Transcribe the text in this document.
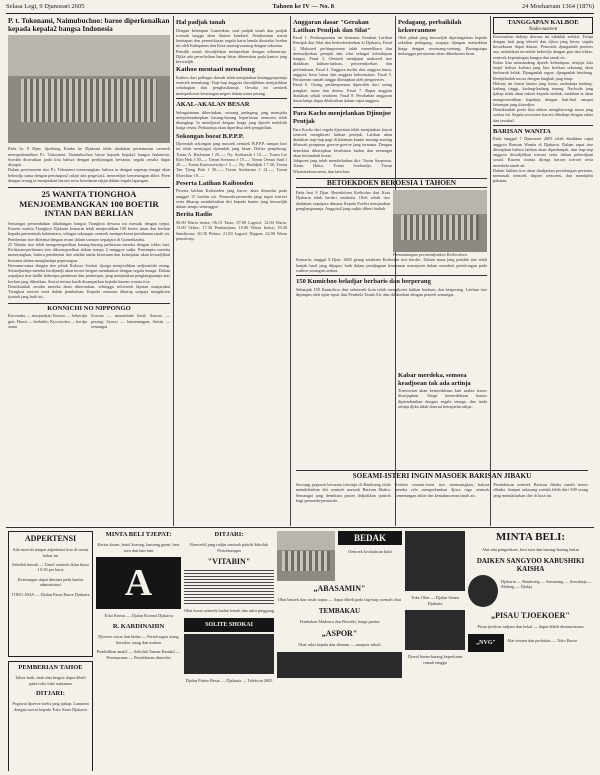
Selasa Legi, 9 Djanoeari 2605	Tahoen ke IV — No. 8	24 Moeharram 1364 (1876)
P. t. Tokonami, Naimubuchoo: baroe diperkenalkan kepada kepala2 bangsa Indonesia

Pada hr. 8 Djan. djoebang Kanbu ke Djakarta telah diadakan pertemoean oentoek memperkenalkan P.t. Tokonami, Naimubuchoo baroe kepada kepala2 bangsa Indonesia. Soedah dioeraikan pada kita bahwa dengan perdjoangan bersama, segala oesaha dapat ditjapai.

Dalam pertemoean itoe P.t. Tokonami menerangkan, bahwa ia dengan segenap tenaga akan bekerdja sama dengan pemimpin2 rakjat dan pegawai2, menoedjoe kemenangan akhir. Poen dengan terang ia menjatakan haroes serta kesedaran rakjat dalam segala lapangan.

25 WANITA TIONGHOA MENJOEMBANGKAN 100 BOETIR INTAN DAN BERLIAN

Semangat persembahan dikalangan bangsa Tionghoa dewasa ini menaik dengan tjepat. Kaoem wanita Tionghoa Djakarta kemarin telah menjerahkan 100 boetir intan dan berlian kepada pemerintah balatentara, sebagai sokongan oentoek memperkoeat pertahanan tanah air. Pemberian itoe diterima dengan resmi dalam soeatoe oepatjara di Gunseikanbu.

25 Wanita itoe telah mengoempoelkan barang-barang perhiasan mereka dengan ichlas hati. Perhiasan-perhiasan itoe dikoempoelkan dalam tempo 2 minggoe sadja. Pemimpin mereka menerangkan, bahwa pemberian itoe adalah tanda kesetiaan dan keinsjafan akan kewadjiban bersama dalam menghadapi peperangan.

Bersama-sama dengan itoe pihak Kakyoo Sookai djoega menjerahkan sedjoemlah oeang. Selandjoetnja mereka berdjandji akan teroes bergiat membantoe dengan segala tenaga. Dalam oepatjara itoe hadlir beberapa pembesar dan pemimpin, jang menjatakan penghargaannja atas korban jang diberikan. Soerat terima kasih disampaikan kepada kaoem wanita itoe.

Demikianlah oesaha mereka akan diteroeskan, sehingga seloeroeh lapisan masjarakat Tionghoa toeroet serta dalam pembelaan. Kepada oemoem diharap soepaja mengikoeti tjontoh jang baik ini.

KONNICHI NO NIPPONGO

Koronaku — masjarakat; Kinroo — bekerdja giat; Hoosi — berbakti; Kyooryoku — kerdja sama

Zoosan — menambah hasil; Sensoo — perang; Syoori — kemenangan; Seisin — semangat

Hal padjak tanah

Dengan ketetapan Gunseikan, soal padjak tanah dan padjak roemah tangga akan diatoer kembali. Pemboeatan soerat ketetapan dan pemeriksaan segala harta benda dimoelai boelan ini oleh Kabupaten dan Kota masing-masing dengan seksama.

Pemilik tanah diwadjibkan melaporkan dengan sebenarnja. Djika ada perselisihan harap lekas dibereskan pada kantor jang berwadjib.

Kathoo mentaati menabung

Kathoo dari pelbagai daerah telah menjatakan kesanggoepannja oentoek menabung. Tiap-tiap anggota diwadjibkan menjisihkan sebahagian dari penghasilannja. Oesaha ini oentoek memperkoeat keoeangan negeri dalam masa perang.

AKAL-AKALAN BESAR

Sebagaimana diberitakan, seorang pedagang jang mentjoba menjeloendoepkan barang-barang keperloean oemoem telah ditangkap. Ia mendjoeal dengan harga jang djaoeh melebihi harga resmi. Perkaranja akan diperiksa oleh pengadilan.

Sokongan boeat B.P.P.P.

Djoemlah sokongan jang masoek oentoek B.P.P.P. sampai hari ini telah mentjapai djoemlah jang besar. Daftar penjokong: Toean A. Rachman f 25.—; Ny. Soekarsih f 10.—; Toean Lie Kim Hok f 50.—; Toean Soetarno f 15.—; Toean Oemar Said f 20.—; Toean Kartosoewirjo f 5.—; Ny. Hadidjah f 7.50; Toean Tan Tjeng Bok f 30.—; Toean Soedarmo f 12.—; Toean Moechtar f 8.—.

Peserta Latihan Kaibooden

Peserta latihan Kaibooden jang baroe, akan dimoelai pada tanggal 15 boelan ini. Pemoeda-pemoeda jang ingin toeroet serta diharap mendaftarkan diri kepada kantor jang berwadjib dalam tempo seminggoe.

Berita Radio

06.00 Warta berita; 06.15 Taiso; 07.00 Lagoe2; 12.00 Warta; 13.00 Orkes; 17.30 Pembatjaan; 19.00 Warta berita; 19.30 Sandiwara; 20.30 Pidato; 21.00 Lagoe2 Nippon; 22.00 Warta penoetoep.

Anggaran dasar "Gerakan Latihan Pendjak dan Silat"

Fasal 1. Perhimpoenan ini bernama Gerakan Latihan Pendjak dan Silat dan berkedoedoekan di Djakarta. Fasal 2. Maksoed perhimpoenan ialah memelihara dan memadjoekan pentjak dan silat sebagai kebudajaan bangsa. Fasal 3. Oentoek mentjapai maksoed itoe diadakan latihan-latihan, pertoendjoekan dan perlombaan. Fasal 4. Anggota terdiri dari anggota biasa, anggota loear biasa dan anggota kehormatan. Fasal 5. Peratoeran rumah tangga ditetapkan oleh pengoeroes.

Fasal 6. Oeang perhimpoenan diperoleh dari oeang pangkal, iuran dan derma. Fasal 7. Rapat anggota diadakan sekali setahoen. Fasal 8. Perobahan anggaran dasar hanja dapat dilakoekan dalam rapat anggota.

Para Kacho menjelankan Djinnjoe Pentjak

Para Kacho dari segala djawatan telah menjatakan hasrat oentoek mengikoeti latihan pentjak. Latihan akan diadakan tiap-tiap pagi di halaman kantor masing-masing dibawah pimpinan goeroe-goeroe jang ternama. Dengan demikian diharapkan kesehatan badan dan semangat akan bertambah koeat.

Adapoen jang telah mendaftarkan diri: Toean Soepomo, Toean Hatta, Toean Soebardjo, Toean Wiranatakoesoema, dan lain-lain.

Pedagang, perbaikilah kekoeranmoe

Oleh pihak jang berwadjib diperingatkan kepada sekalian pedagang, soepaja djangan menaikkan harga dengan sewenang-wenang. Barangsiapa melanggar peratoeran akan dihoekoem berat.

BETOEKDOEN BEROESIA 1 TAHOEN

Pada hari 8 Djan. Betoekdoen Keibodan dari Kota Djakarta telah berdiri setahoen. Oleh sebab itoe diadakan oepatjara dimana Kepala Poelisi menjatakan penghargaannja. Anggota2 jang radjin diberi hadiah.

Pemandangan pertoendjoekan Keibo-doen.

Kemarin, tanggal 8 Djan. 2605 genap setahoen Keibodan itoe berdiri. Dalam masa jang pendek itoe telah banjak hasil jang ditjapai, baik dalam pendjagaan keamanan maoepoen dalam memberi pertolongan pada waktoe serangan oedara.

150 Kumichoo beladjar berbaris dan berperang

Sebanjak 150 Kumichoo dari seloeroeh kota telah mengikoeti latihan berbaris dan berperang. Latihan itoe dipimpin oleh opsir-opsir dari Pembela Tanah Air, dan dilakoekan dengan penoeh semangat.

Kabar merdeka, semoea keadjoean tak ada artinja

Toentoetan akan kemerdekaan kini makin teroes dioetjapkan. Tetapi kemerdekaan haroes dipertahankan dengan segala tenaga, dan tiada artinja djika tidak disertai keinsjafan rakjat.

SOEAMI-ISTERI INGIN MASOEK BARISAN JIBAKU

Seorang pegawai bersama isterinja di Bandoeng telah mendaftarkan diri oentoek masoek Barisan Jibaku. Semangat jang demikian patoet didjadikan tjontoh bagi pemoeda-pemoeda.

Kedoea soeami-isteri itoe menerangkan, bahwa mereka rela mengorbankan djiwa raga oentoek kemenangan akhir dan kemakmoeran tanah air.

Pendaftaran oentoek Barisan Jibaku masih teroes dibuka. Sampai sekarang soedah lebih dari 500 orang jang mendaftarkan diri di kota ini.

TANGGAPAN KALBOE
Nada-nasreen

Kesoesahan hidoep dewasa ini tidaklah sedikit. Tetapi dengan hati jang teboeh dan djiwa jang besar, segala kesoekaran dapat diatasi. Pemoeda djanganlah poetoes asa, melainkan teroeslah bekerdja dengan giat dan ichlas, oentoek kepentingan bangsa dan tanah air.

Kalau kita memandang djaoeh kehadapan, nistjaja kita insjaf bahwa korban jang kita berikan sekarang akan berboeah kelak. Djanganlah ragoe, djanganlah bimbang. Berdjalanlah teroes dengan langkah jang tetap.

Hidoep ini ibarat lautan jang loeas; ombaknja kadang-kadang tinggi, kadang-kadang tenang. Nachoda jang tjakap tidak akan takoet kepada ombak, malahan ia akan mengemoedikan kapalnja dengan hati-hati sampai ketempat jang ditoedjoe.

Demikianlah poela kita dalam mengharoengi masa jang soekar ini. Segala sesoeatoe haroes dihadapi dengan sabar dan tawakal.

BARISAN WANITA

Pada tanggal 7 Djanoeari 2605 telah diadakan rapat anggota Barisan Wanita di Djakarta. Dalam rapat itoe ditetapkan bahwa latihan akan diperbanjak, dan tiap-tiap anggota diwadjibkan toeroet serta dalam pekerdjaan sosial. Kaoem wanita djoega haroes toeroet serta membela tanah air.

Dalam latihan itoe akan diadjarkan pertolongan pertama, memasak oentoek dapoer oemoem, dan mendjahit pakaian.

ADPERTENSI

Ada moerah tempat adpertensi kita di soerat kabar ini

Sebelah bawah — Tarief oentoek iklan biasa f 0.50 per baris

Keterangan dapat diminta pada kantor administrasi

TOKO ASIA — Djalan Pasar Baroe Djakarta

PEMBERIAN TAHOE

Tahoe baik, enak dan bergizi dapat dibeli pada toko-toko makanan

DITJARI:

Pegawai djoeroe toelis jang tjakap. Lamaran dengan soerat kepada Toko Sinar Djakarta

MINTA BELI TJEPAT:

Kertas koran, botol kosong, karoeng goeni, besi toea dan lain-lain

A

Toko Kertas — Djalan Kramat Djakarta

R. KARDINAHIN

Djoeroe rawat dan bidan — Pertolongan orang bersalin, siang dan malam

Pendidikan anak2 — Sekolah Taman Kanak2 — Perempoean — Pendaftaran dimoelai

DITJARI:

Boeroeh2 jang radjin oentoek pabrik Sekolah Pertoekangan

"VITABIN"

Obat koeat oentoek badan lemah dan sakit pinggang

SOLITE SHOKAI

Djalan Pintoe Besar — Djakarta — Telefoon 2605

BEDAK

Oentoek kechalusan kulit

„ABASAMIN"

Obat batoek dan sesak napas — dapat dibeli pada tiap-tiap roemah obat

TEMBAKAU

Tembakau Madoera dan Besoeki, harga pantas

„ASPOR"

Obat sakit kepala dan demam — manjoer sekali

Toko Obat — Djalan Senen Djakarta

Djoeal baran-barang keperloean rumah tangga

MINTA BELI:

Alat-alat pengoekoer, besi toea dan barang-barang bekas

DAIKEN SANGYOO KABUSHIKI KAISHA

Djakarta — Bandoeng — Semarang — Soerabaja — Malang — Djokja

„PISAU TJOEKOER"

Pisau tjoekoer tadjam dan kekal — dapat dibeli dimana-mana

„NVG"	Alat tenoen dan perkakas — Toko Baroe
